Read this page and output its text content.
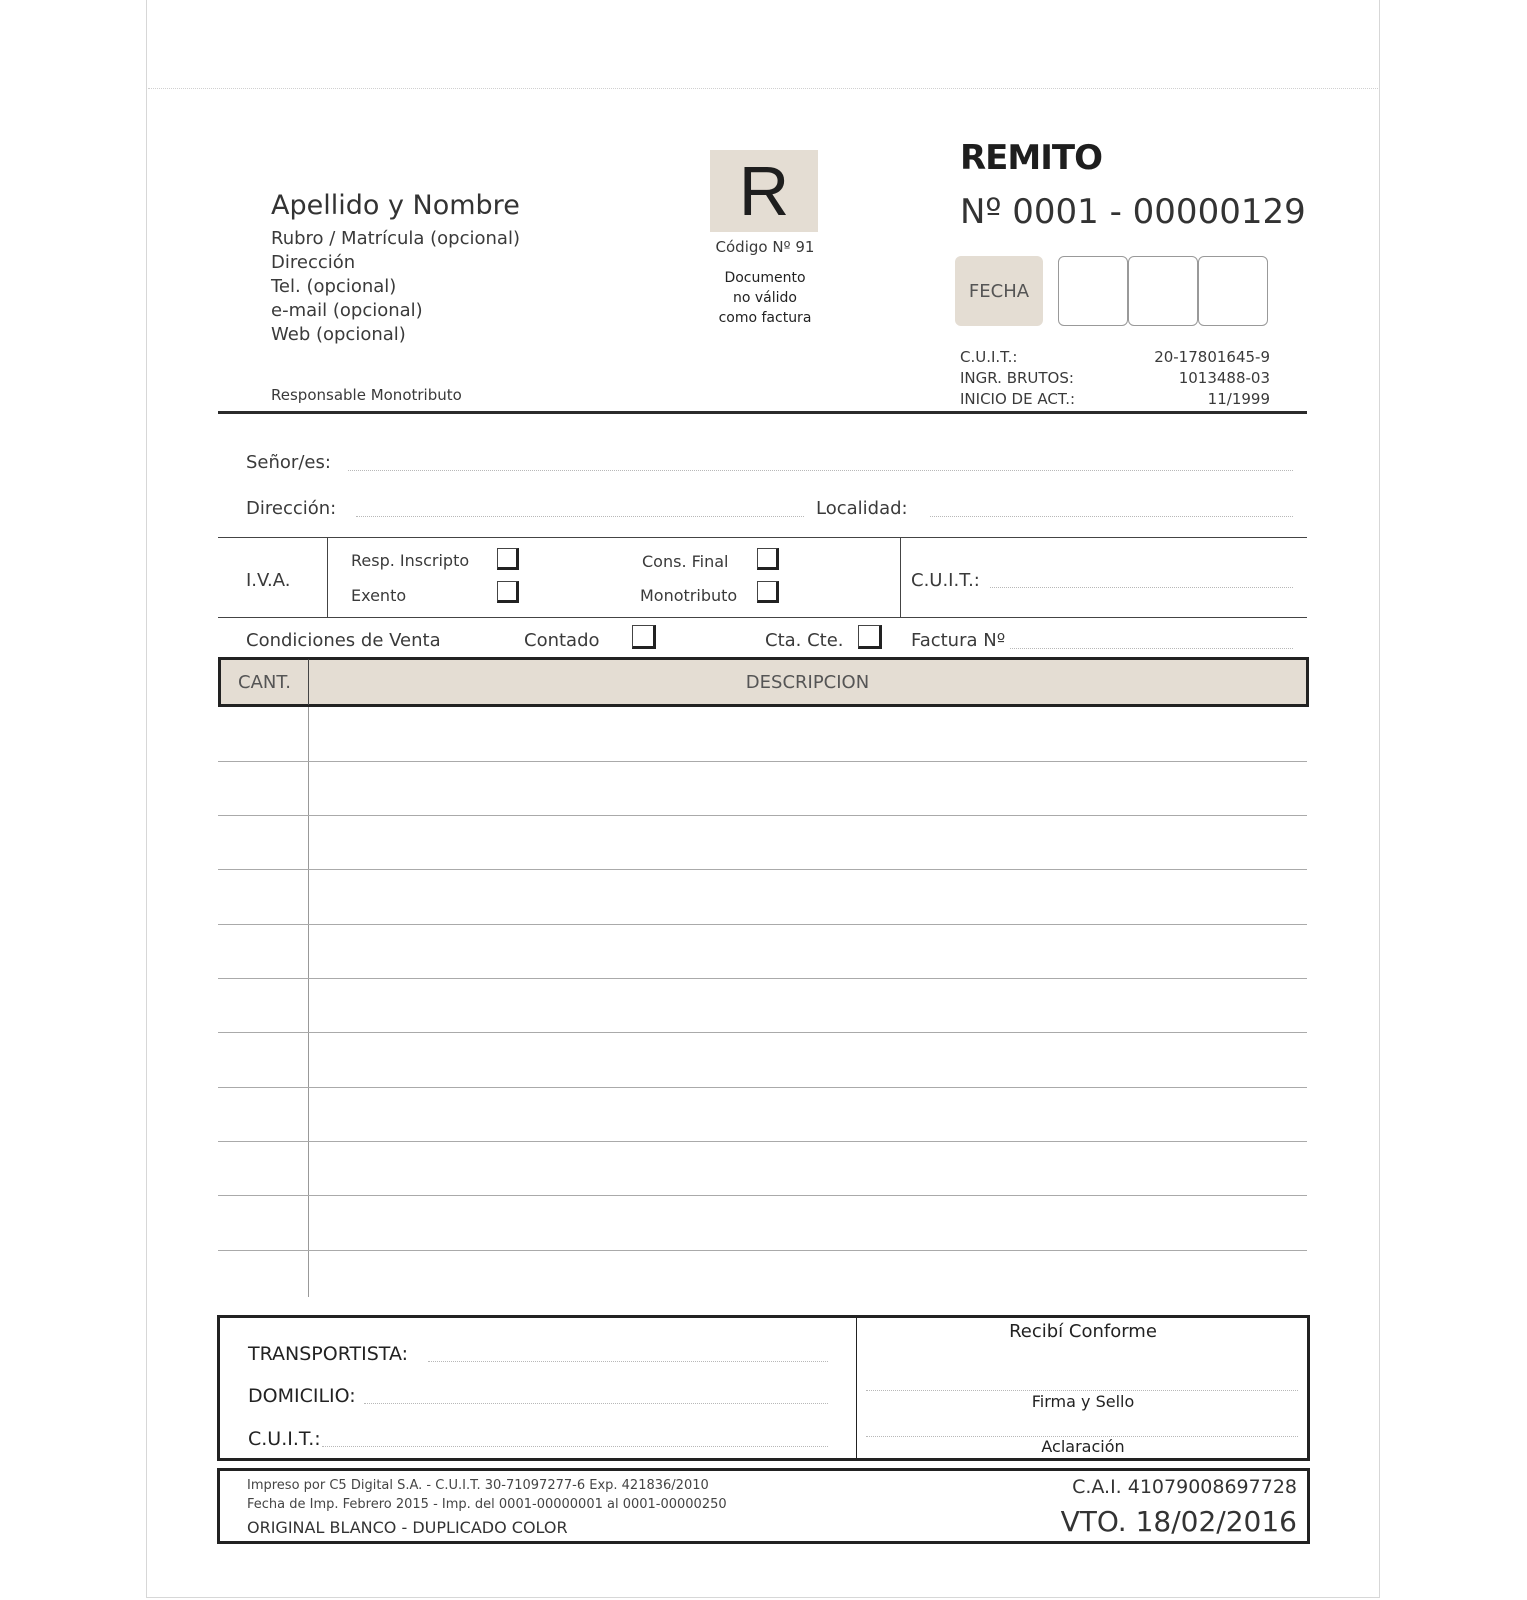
Apellido y Nombre
Rubro / Matrícula (opcional)
Dirección
Tel. (opcional)
e-mail (opcional)
Web (opcional)
Responsable Monotributo
R
Código Nº 91
Documento
no válido
como factura
REMITO
Nº 0001 - 00000129
FECHA
C.U.I.T.:	20-17801645-9
INGR. BRUTOS:	1013488-03
INICIO DE ACT.:	11/1999
Señor/es:
Dirección:	Localidad:
I.V.A.
Resp. Inscripto
Exento
Cons. Final
Monotributo
C.U.I.T.:
Condiciones de Venta	Contado	Cta. Cte.	Factura Nº
CANT.	DESCRIPCION
TRANSPORTISTA:
DOMICILIO:
C.U.I.T.:
Recibí Conforme
Firma y Sello
Aclaración
Impreso por C5 Digital S.A. - C.U.I.T. 30-71097277-6 Exp. 421836/2010
Fecha de Imp. Febrero 2015 - Imp. del 0001-00000001 al 0001-00000250
ORIGINAL BLANCO - DUPLICADO COLOR
C.A.I. 41079008697728
VTO. 18/02/2016
